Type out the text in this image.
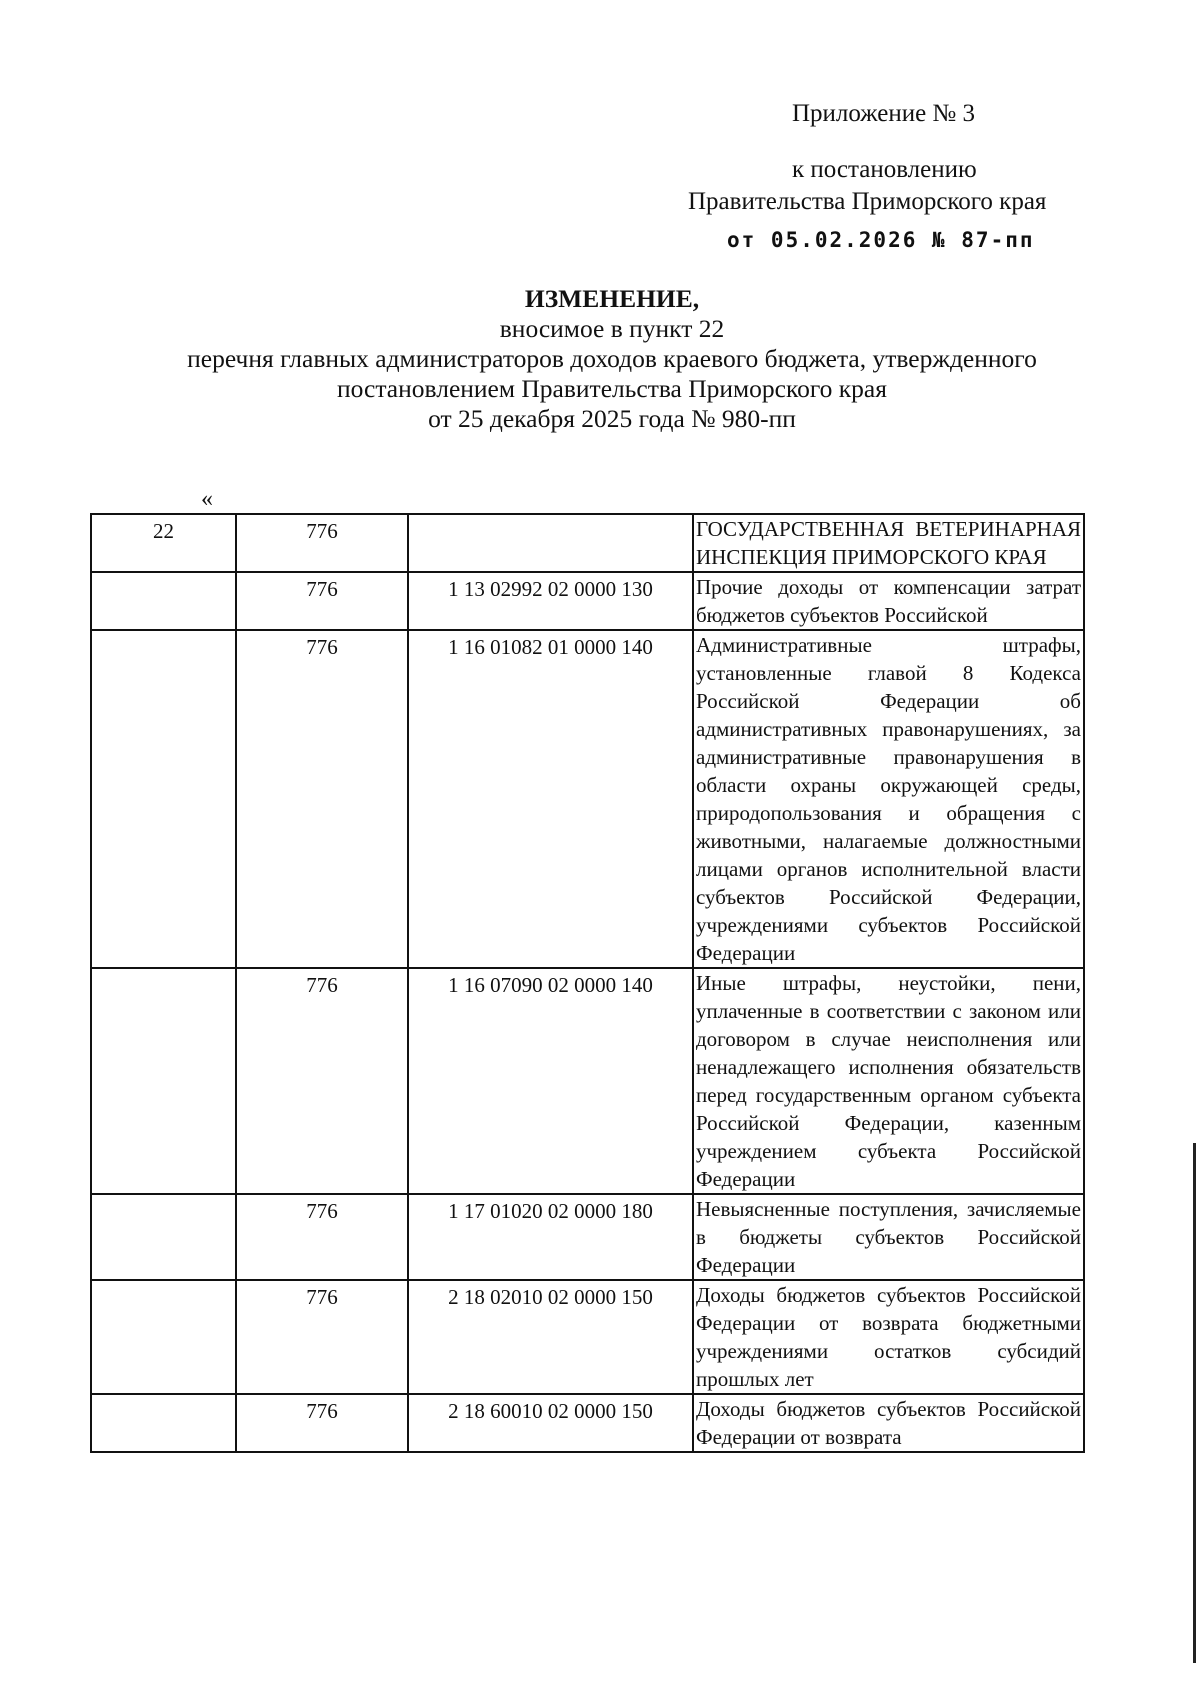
Приложение № 3
к постановлению
Правительства Приморского края
от 05.02.2026 № 87-пп
ИЗМЕНЕНИЕ,
вносимое в пункт 22
перечня главных администраторов доходов краевого бюджета, утвержденного
постановлением Правительства Приморского края
от 25 декабря 2025 года № 980-пп
«
22	776		ГОСУДАРСТВЕННАЯ ВЕТЕРИНАРНАЯ ИНСПЕКЦИЯ ПРИМОРСКОГО КРАЯ

	776	1 13 02992 02 0000 130	Прочие доходы от компенсации затрат бюджетов субъектов Российской

	776	1 16 01082 01 0000 140	Административные штрафы, установленные главой 8 Кодекса Российской Федерации об административных правонарушениях, за административные правонарушения в области охраны окружающей среды, природопользования и обращения с животными, налагаемые должностными лицами органов исполнительной власти субъектов Российской Федерации, учреждениями субъектов Российской Федерации

	776	1 16 07090 02 0000 140	Иные штрафы, неустойки, пени, уплаченные в соответствии с законом или договором в случае неисполнения или ненадлежащего исполнения обязательств перед государственным органом субъекта Российской Федерации, казенным учреждением субъекта Российской Федерации

	776	1 17 01020 02 0000 180	Невыясненные поступления, зачисляемые в бюджеты субъектов Российской Федерации

	776	2 18 02010 02 0000 150	Доходы бюджетов субъектов Российской Федерации от возврата бюджетными учреждениями остатков субсидий прошлых лет

	776	2 18 60010 02 0000 150	Доходы бюджетов субъектов Российской Федерации от возврата
